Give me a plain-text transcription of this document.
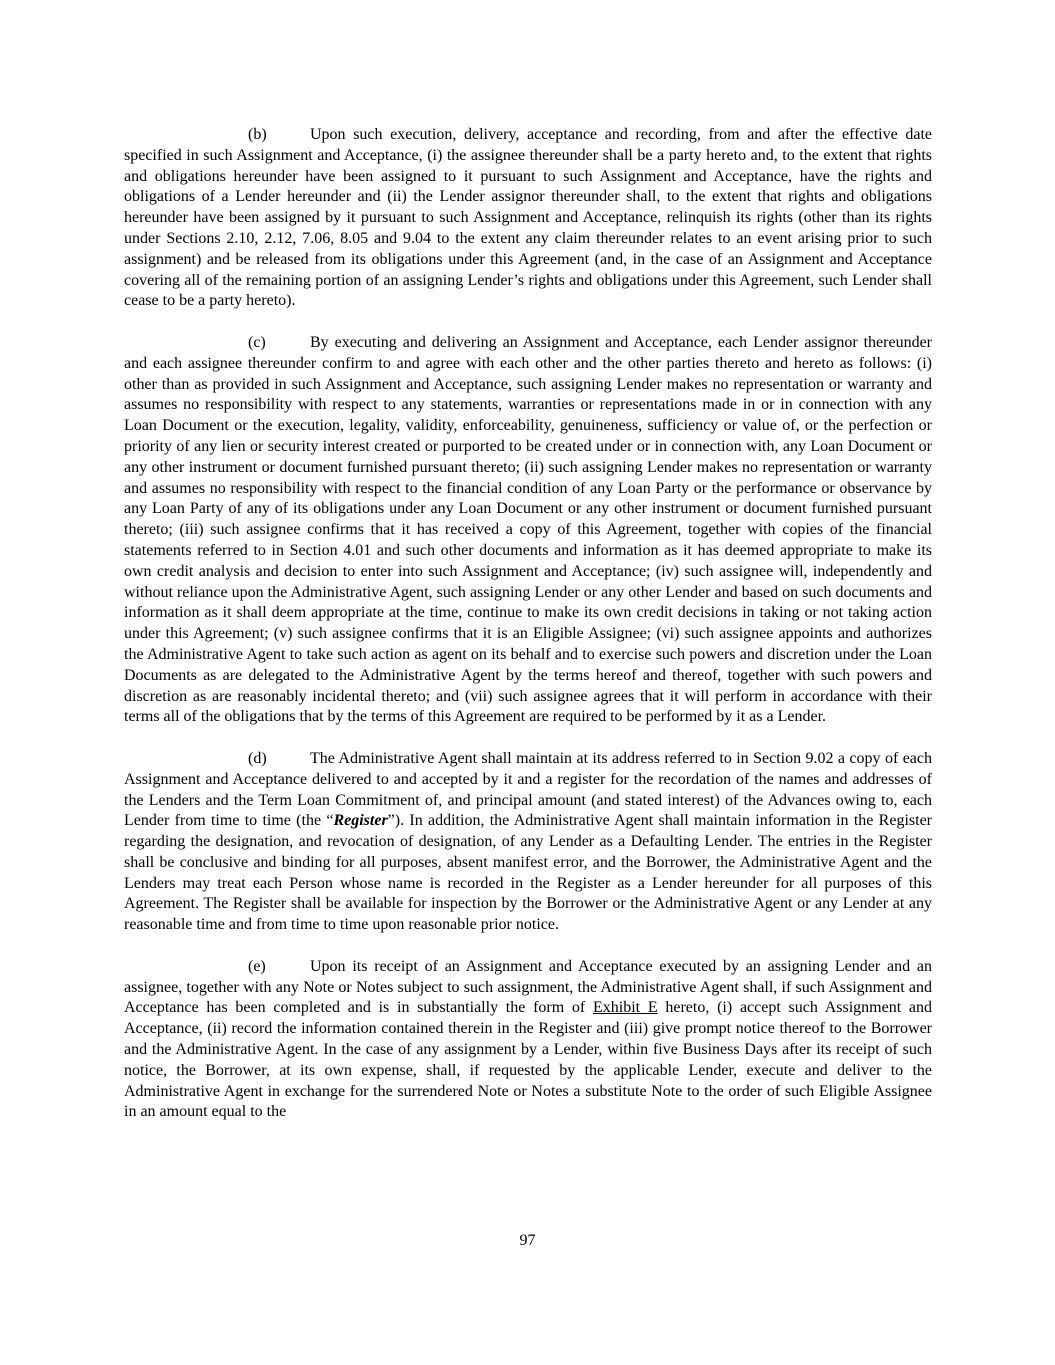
(b)	Upon such execution, delivery, acceptance and recording, from and after the effective date specified in such Assignment and Acceptance, (i) the assignee thereunder shall be a party hereto and, to the extent that rights and obligations hereunder have been assigned to it pursuant to such Assignment and Acceptance, have the rights and obligations of a Lender hereunder and (ii) the Lender assignor thereunder shall, to the extent that rights and obligations hereunder have been assigned by it pursuant to such Assignment and Acceptance, relinquish its rights (other than its rights under Sections 2.10, 2.12, 7.06, 8.05 and 9.04 to the extent any claim thereunder relates to an event arising prior to such assignment) and be released from its obligations under this Agreement (and, in the case of an Assignment and Acceptance covering all of the remaining portion of an assigning Lender’s rights and obligations under this Agreement, such Lender shall cease to be a party hereto).

(c)	By executing and delivering an Assignment and Acceptance, each Lender assignor thereunder and each assignee thereunder confirm to and agree with each other and the other parties thereto and hereto as follows: (i) other than as provided in such Assignment and Acceptance, such assigning Lender makes no representation or warranty and assumes no responsibility with respect to any statements, warranties or representations made in or in connection with any Loan Document or the execution, legality, validity, enforceability, genuineness, sufficiency or value of, or the perfection or priority of any lien or security interest created or purported to be created under or in connection with, any Loan Document or any other instrument or document furnished pursuant thereto; (ii) such assigning Lender makes no representation or warranty and assumes no responsibility with respect to the financial condition of any Loan Party or the performance or observance by any Loan Party of any of its obligations under any Loan Document or any other instrument or document furnished pursuant thereto; (iii) such assignee confirms that it has received a copy of this Agreement, together with copies of the financial statements referred to in Section 4.01 and such other documents and information as it has deemed appropriate to make its own credit analysis and decision to enter into such Assignment and Acceptance; (iv) such assignee will, independently and without reliance upon the Administrative Agent, such assigning Lender or any other Lender and based on such documents and information as it shall deem appropriate at the time, continue to make its own credit decisions in taking or not taking action under this Agreement; (v) such assignee confirms that it is an Eligible Assignee; (vi) such assignee appoints and authorizes the Administrative Agent to take such action as agent on its behalf and to exercise such powers and discretion under the Loan Documents as are delegated to the Administrative Agent by the terms hereof and thereof, together with such powers and discretion as are reasonably incidental thereto; and (vii) such assignee agrees that it will perform in accordance with their terms all of the obligations that by the terms of this Agreement are required to be performed by it as a Lender.

(d)	The Administrative Agent shall maintain at its address referred to in Section 9.02 a copy of each Assignment and Acceptance delivered to and accepted by it and a register for the recordation of the names and addresses of the Lenders and the Term Loan Commitment of, and principal amount (and stated interest) of the Advances owing to, each Lender from time to time (the “Register”). In addition, the Administrative Agent shall maintain information in the Register regarding the designation, and revocation of designation, of any Lender as a Defaulting Lender. The entries in the Register shall be conclusive and binding for all purposes, absent manifest error, and the Borrower, the Administrative Agent and the Lenders may treat each Person whose name is recorded in the Register as a Lender hereunder for all purposes of this Agreement. The Register shall be available for inspection by the Borrower or the Administrative Agent or any Lender at any reasonable time and from time to time upon reasonable prior notice.

(e)	Upon its receipt of an Assignment and Acceptance executed by an assigning Lender and an assignee, together with any Note or Notes subject to such assignment, the Administrative Agent shall, if such Assignment and Acceptance has been completed and is in substantially the form of Exhibit E hereto, (i) accept such Assignment and Acceptance, (ii) record the information contained therein in the Register and (iii) give prompt notice thereof to the Borrower and the Administrative Agent. In the case of any assignment by a Lender, within five Business Days after its receipt of such notice, the Borrower, at its own expense, shall, if requested by the applicable Lender, execute and deliver to the Administrative Agent in exchange for the surrendered Note or Notes a substitute Note to the order of such Eligible Assignee in an amount equal to the

97
